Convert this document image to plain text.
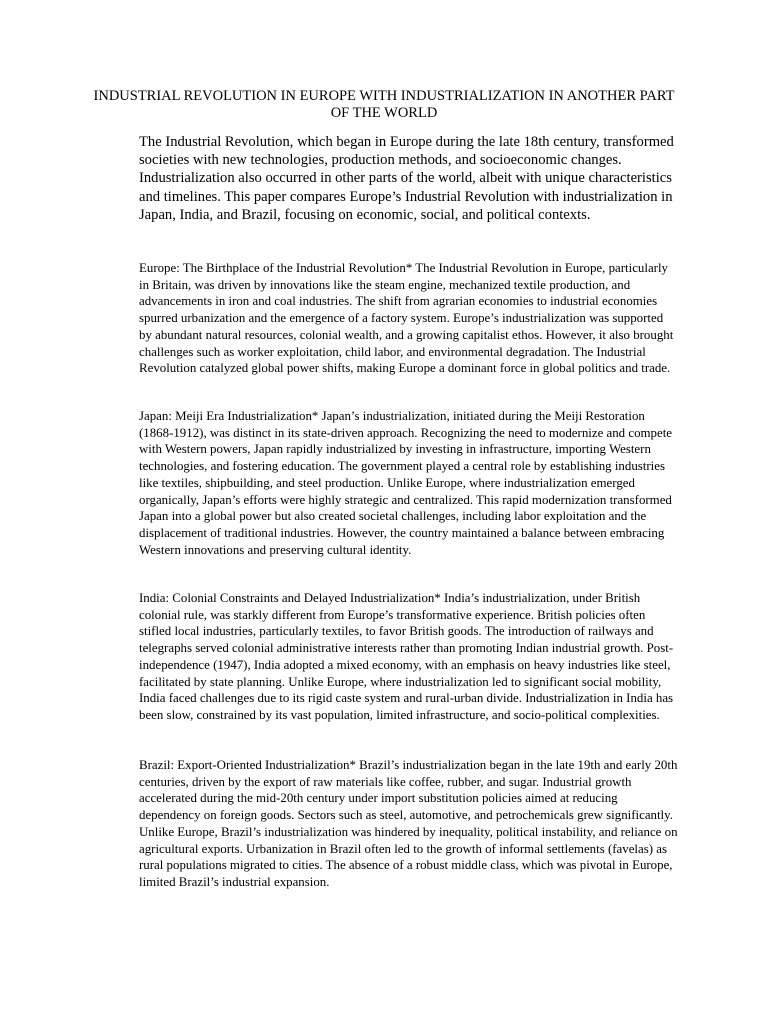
INDUSTRIAL REVOLUTION IN EUROPE WITH INDUSTRIALIZATION IN ANOTHER PART OF THE WORLD

The Industrial Revolution, which began in Europe during the late 18th century, transformed societies with new technologies, production methods, and socioeconomic changes. Industrialization also occurred in other parts of the world, albeit with unique characteristics and timelines. This paper compares Europe’s Industrial Revolution with industrialization in Japan, India, and Brazil, focusing on economic, social, and political contexts.

Europe: The Birthplace of the Industrial Revolution* The Industrial Revolution in Europe, particularly in Britain, was driven by innovations like the steam engine, mechanized textile production, and advancements in iron and coal industries. The shift from agrarian economies to industrial economies spurred urbanization and the emergence of a factory system. Europe’s industrialization was supported by abundant natural resources, colonial wealth, and a growing capitalist ethos. However, it also brought challenges such as worker exploitation, child labor, and environmental degradation. The Industrial Revolution catalyzed global power shifts, making Europe a dominant force in global politics and trade.

Japan: Meiji Era Industrialization* Japan’s industrialization, initiated during the Meiji Restoration (1868-1912), was distinct in its state-driven approach. Recognizing the need to modernize and compete with Western powers, Japan rapidly industrialized by investing in infrastructure, importing Western technologies, and fostering education. The government played a central role by establishing industries like textiles, shipbuilding, and steel production. Unlike Europe, where industrialization emerged organically, Japan’s efforts were highly strategic and centralized. This rapid modernization transformed Japan into a global power but also created societal challenges, including labor exploitation and the displacement of traditional industries. However, the country maintained a balance between embracing Western innovations and preserving cultural identity.

India: Colonial Constraints and Delayed Industrialization* India’s industrialization, under British colonial rule, was starkly different from Europe’s transformative experience. British policies often stifled local industries, particularly textiles, to favor British goods. The introduction of railways and telegraphs served colonial administrative interests rather than promoting Indian industrial growth. Post-independence (1947), India adopted a mixed economy, with an emphasis on heavy industries like steel, facilitated by state planning. Unlike Europe, where industrialization led to significant social mobility, India faced challenges due to its rigid caste system and rural-urban divide. Industrialization in India has been slow, constrained by its vast population, limited infrastructure, and socio-political complexities.

Brazil: Export-Oriented Industrialization* Brazil’s industrialization began in the late 19th and early 20th centuries, driven by the export of raw materials like coffee, rubber, and sugar. Industrial growth accelerated during the mid-20th century under import substitution policies aimed at reducing dependency on foreign goods. Sectors such as steel, automotive, and petrochemicals grew significantly. Unlike Europe, Brazil’s industrialization was hindered by inequality, political instability, and reliance on agricultural exports. Urbanization in Brazil often led to the growth of informal settlements (favelas) as rural populations migrated to cities. The absence of a robust middle class, which was pivotal in Europe, limited Brazil’s industrial expansion.
